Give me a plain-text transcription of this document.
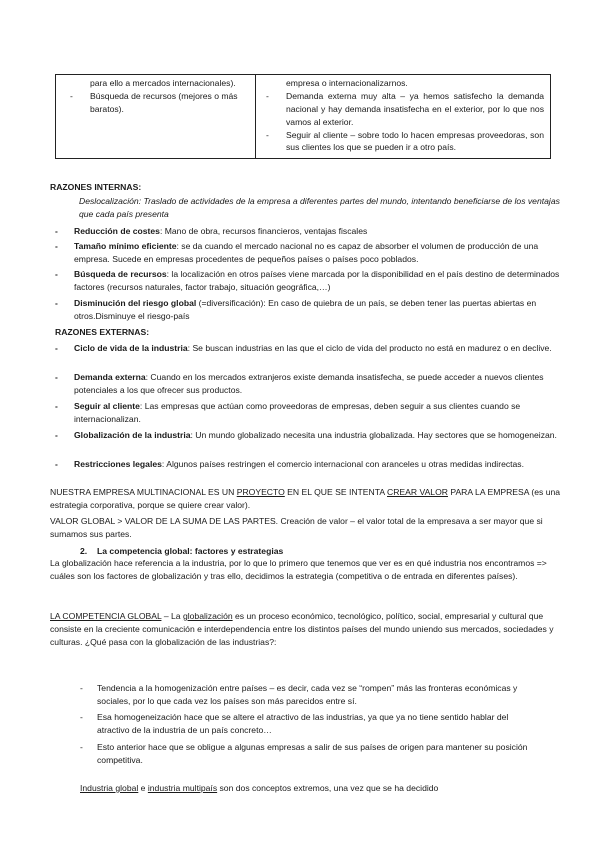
para ello a mercados internacionales).
- Búsqueda de recursos (mejores o más baratos).

empresa o internacionalizarnos.
- Demanda externa muy alta – ya hemos satisfecho la demanda nacional y hay demanda insatisfecha en el exterior, por lo que nos vamos al exterior.
- Seguir al cliente – sobre todo lo hacen empresas proveedoras, son sus clientes los que se pueden ir a otro país.
RAZONES INTERNAS:
Deslocalización: Traslado de actividades de la empresa a diferentes partes del mundo, intentando beneficiarse de los ventajas que cada país presenta
- Reducción de costes: Mano de obra, recursos financieros, ventajas fiscales
- Tamaño mínimo eficiente: se da cuando el mercado nacional no es capaz de absorber el volumen de producción de una empresa. Sucede en empresas procedentes de pequeños países o países poco poblados.
- Búsqueda de recursos: la localización en otros países viene marcada por la disponibilidad en el país destino de determinados factores (recursos naturales, factor trabajo, situación geográfica,…)
- Disminución del riesgo global (=diversificación): En caso de quiebra de un país, se deben tener las puertas abiertas en otros.Disminuye el riesgo-país
RAZONES EXTERNAS:
- Ciclo de vida de la industria: Se buscan industrias en las que el ciclo de vida del producto no está en madurez o en declive.
- Demanda externa: Cuando en los mercados extranjeros existe demanda insatisfecha, se puede acceder a nuevos clientes potenciales a los que ofrecer sus productos.
- Seguir al cliente: Las empresas que actúan como proveedoras de empresas, deben seguir a sus clientes cuando se internacionalizan.
- Globalización de la industria: Un mundo globalizado necesita una industria globalizada. Hay sectores que se homogeneizan.
- Restricciones legales: Algunos países restringen el comercio internacional con aranceles u otras medidas indirectas.
NUESTRA EMPRESA MULTINACIONAL ES UN PROYECTO EN EL QUE SE INTENTA CREAR VALOR PARA LA EMPRESA (es una estrategia corporativa, porque se quiere crear valor).
VALOR GLOBAL > VALOR DE LA SUMA DE LAS PARTES. Creación de valor – el valor total de la empresava a ser mayor que si sumamos sus partes.
2. La competencia global: factores y estrategias
La globalización hace referencia a la industria, por lo que lo primero que tenemos que ver es en qué industria nos encontramos => cuáles son los factores de globalización y tras ello, decidimos la estrategia (competitiva o de entrada en diferentes países).
LA COMPETENCIA GLOBAL – La globalización es un proceso económico, tecnológico, político, social, empresarial y cultural que consiste en la creciente comunicación e interdependencia entre los distintos países del mundo uniendo sus mercados, sociedades y culturas. ¿Qué pasa con la globalización de las industrias?:
- Tendencia a la homogenización entre países – es decir, cada vez se “rompen” más las fronteras económicas y sociales, por lo que cada vez los países son más parecidos entre sí.
- Esa homogeneización hace que se altere el atractivo de las industrias, ya que ya no tiene sentido hablar del atractivo de la industria de un país concreto…
- Esto anterior hace que se obligue a algunas empresas a salir de sus países de origen para mantener su posición competitiva.
Industria global e industria multipaís son dos conceptos extremos, una vez que se ha decidido
